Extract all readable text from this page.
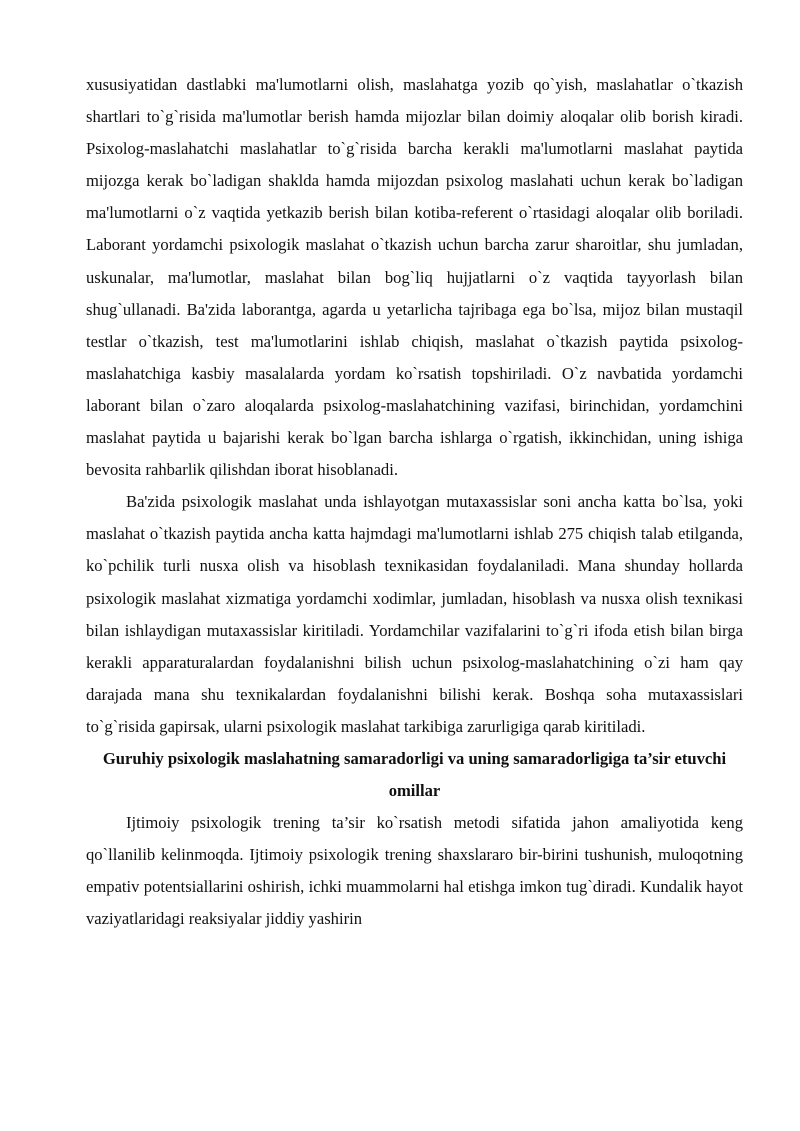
xususiyatidan dastlabki ma'lumotlarni olish, maslahatga yozib qo`yish, maslahatlar o`tkazish shartlari to`g`risida ma'lumotlar berish hamda mijozlar bilan doimiy aloqalar olib borish kiradi. Psixolog-maslahatchi maslahatlar to`g`risida barcha kerakli ma'lumotlarni maslahat paytida mijozga kerak bo`ladigan shaklda hamda mijozdan psixolog maslahati uchun kerak bo`ladigan ma'lumotlarni o`z vaqtida yetkazib berish bilan kotiba-referent o`rtasidagi aloqalar olib boriladi. Laborant yordamchi psixologik maslahat o`tkazish uchun barcha zarur sharoitlar, shu jumladan, uskunalar, ma'lumotlar, maslahat bilan bog`liq hujjatlarni o`z vaqtida tayyorlash bilan shug`ullanadi. Ba'zida laborantga, agarda u yetarlicha tajribaga ega bo`lsa, mijoz bilan mustaqil testlar o`tkazish, test ma'lumotlarini ishlab chiqish, maslahat o`tkazish paytida psixolog-maslahatchiga kasbiy masalalarda yordam ko`rsatish topshiriladi. O`z navbatida yordamchi laborant bilan o`zaro aloqalarda psixolog-maslahatchining vazifasi, birinchidan, yordamchini maslahat paytida u bajarishi kerak bo`lgan barcha ishlarga o`rgatish, ikkinchidan, uning ishiga bevosita rahbarlik qilishdan iborat hisoblanadi.

Ba'zida psixologik maslahat unda ishlayotgan mutaxassislar soni ancha katta bo`lsa, yoki maslahat o`tkazish paytida ancha katta hajmdagi ma'lumotlarni ishlab 275 chiqish talab etilganda, ko`pchilik turli nusxa olish va hisoblash texnikasidan foydalaniladi. Mana shunday hollarda psixologik maslahat xizmatiga yordamchi xodimlar, jumladan, hisoblash va nusxa olish texnikasi bilan ishlaydigan mutaxassislar kiritiladi. Yordamchilar vazifalarini to`g`ri ifoda etish bilan birga kerakli apparaturalardan foydalanishni bilish uchun psixolog-maslahatchining o`zi ham qay darajada mana shu texnikalardan foydalanishni bilishi kerak. Boshqa soha mutaxassislari to`g`risida gapirsak, ularni psixologik maslahat tarkibiga zarurligiga qarab kiritiladi.

Guruhiy psixologik maslahatning samaradorligi va uning samaradorligiga ta’sir etuvchi omillar

Ijtimoiy psixologik trening ta’sir ko`rsatish metodi sifatida jahon amaliyotida keng qo`llanilib kelinmoqda. Ijtimoiy psixologik trening shaxslararo bir-birini tushunish, muloqotning empativ potentsiallarini oshirish, ichki muammolarni hal etishga imkon tug`diradi. Kundalik hayot vaziyatlaridagi reaksiyalar jiddiy yashirin
